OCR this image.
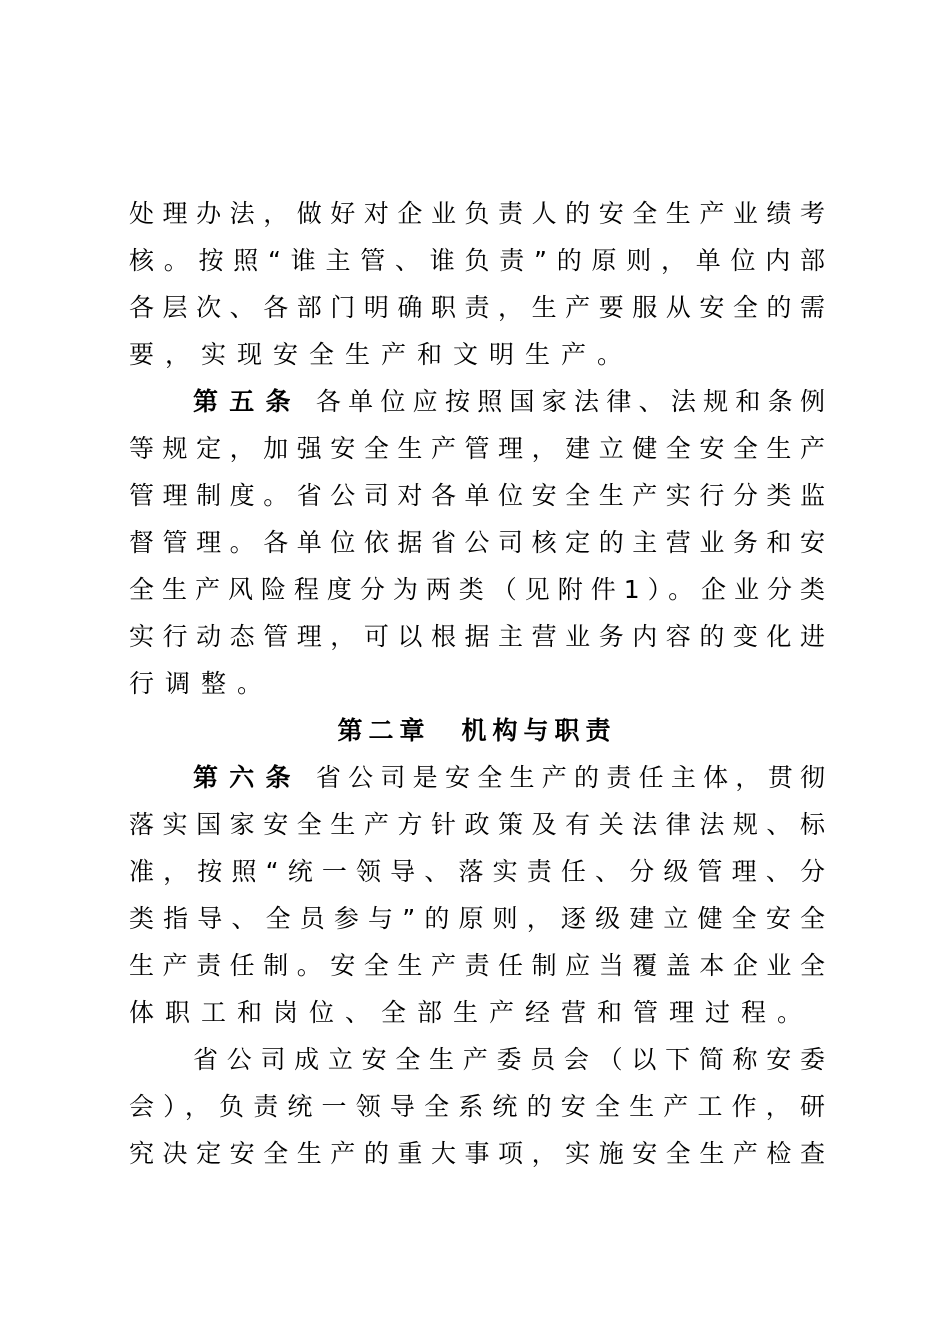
处理办法，做好对企业负责人的安全生产业绩考
核。按照“谁主管、谁负责”的原则，单位内部
各层次、各部门明确职责，生产要服从安全的需
要，实现安全生产和文明生产。
第五条 各单位应按照国家法律、法规和条例
等规定，加强安全生产管理，建立健全安全生产
管理制度。省公司对各单位安全生产实行分类监
督管理。各单位依据省公司核定的主营业务和安
全生产风险程度分为两类（见附件1）。企业分类
实行动态管理，可以根据主营业务内容的变化进
行调整。
第二章　机构与职责
第六条 省公司是安全生产的责任主体，贯彻
落实国家安全生产方针政策及有关法律法规、标
准，按照“统一领导、落实责任、分级管理、分
类指导、全员参与”的原则，逐级建立健全安全
生产责任制。安全生产责任制应当覆盖本企业全
体职工和岗位、全部生产经营和管理过程。
省公司成立安全生产委员会（以下简称安委
会），负责统一领导全系统的安全生产工作，研
究决定安全生产的重大事项，实施安全生产检查
